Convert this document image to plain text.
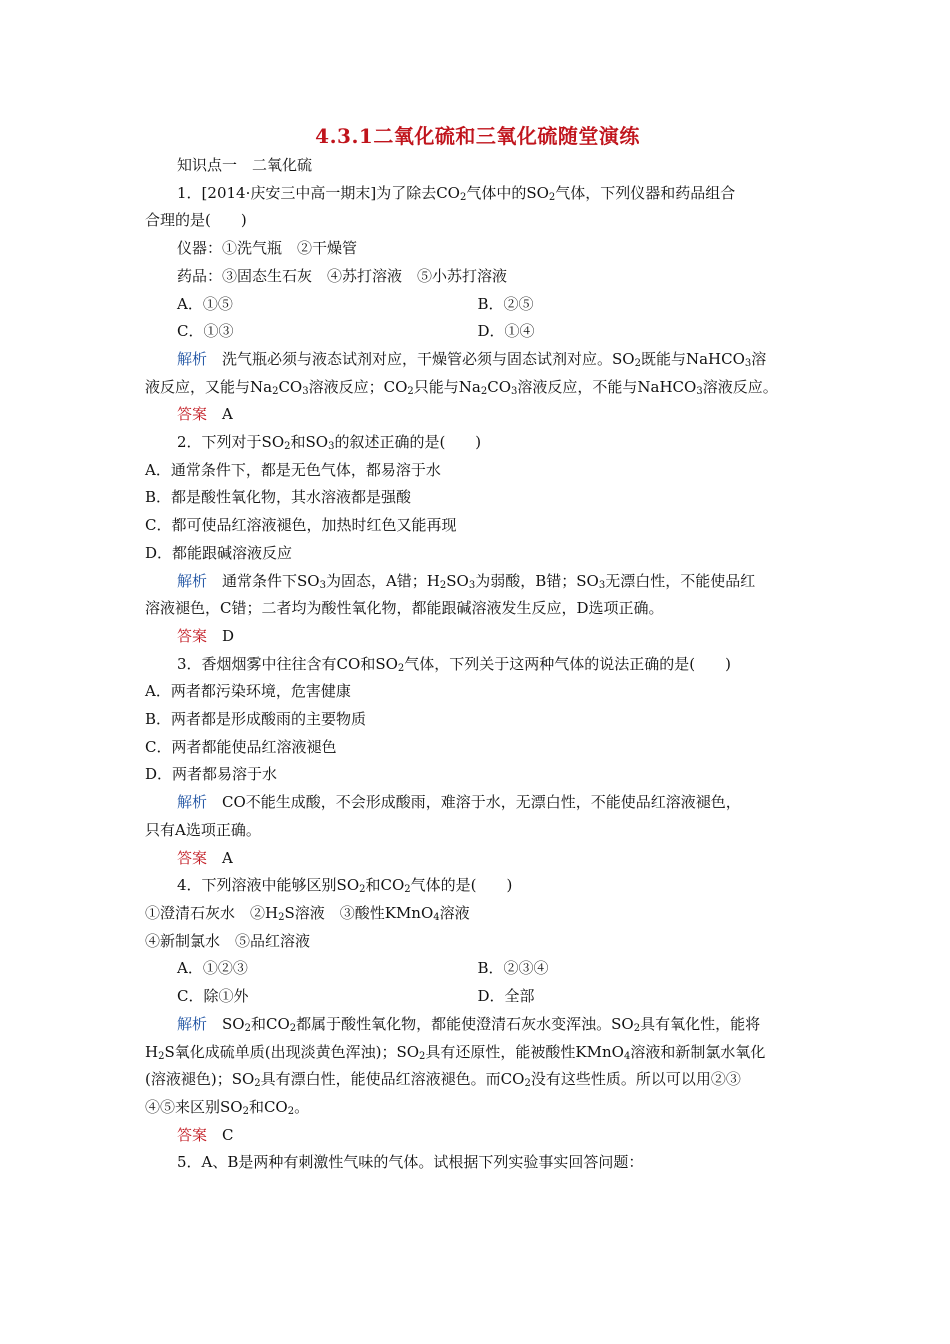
4.3.1二氧化硫和三氧化硫随堂演练

知识点一　二氧化硫

1．[2014·庆安三中高一期末]为了除去$CO_2$气体中的$SO_2$气体，下列仪器和药品组合

合理的是(　　)

仪器：①洗气瓶　②干燥管

药品：③固态生石灰　④苏打溶液　⑤小苏打溶液

A．①⑤	B．②⑤
C．①③	D．①④

解析　洗气瓶必须与液态试剂对应，干燥管必须与固态试剂对应。$SO_2$既能与NaHCO$_3$溶

液反应，又能与$Na_2CO_3$溶液反应；$CO_2$只能与$Na_2CO_3$溶液反应，不能与NaHCO$_3$溶液反应。

答案　A

2．下列对于$SO_2$和$SO_3$的叙述正确的是(　　)

A．通常条件下，都是无色气体，都易溶于水

B．都是酸性氧化物，其水溶液都是强酸

C．都可使品红溶液褪色，加热时红色又能再现

D．都能跟碱溶液反应

解析　通常条件下$SO_3$为固态，A错；$H_2SO_3$为弱酸，B错；$SO_3$无漂白性，不能使品红

溶液褪色，C错；二者均为酸性氧化物，都能跟碱溶液发生反应，D选项正确。

答案　D

3．香烟烟雾中往往含有CO和$SO_2$气体，下列关于这两种气体的说法正确的是(　　)

A．两者都污染环境，危害健康

B．两者都是形成酸雨的主要物质

C．两者都能使品红溶液褪色

D．两者都易溶于水

解析　CO不能生成酸，不会形成酸雨，难溶于水，无漂白性，不能使品红溶液褪色，

只有A选项正确。

答案　A

4．下列溶液中能够区别$SO_2$和$CO_2$气体的是(　　)

①澄清石灰水　$②H_2S$溶液　③酸性KMnO$_4$溶液

④新制氯水　⑤品红溶液

A．①②③	B．②③④
C．除①外	D．全部

解析　$SO_2$和$CO_2$都属于酸性氧化物，都能使澄清石灰水变浑浊。$SO_2$具有氧化性，能将

$H_2S$氧化成硫单质(出现淡黄色浑浊)；$SO_2$具有还原性，能被酸性KMnO$_4$溶液和新制氯水氧化

(溶液褪色)；$SO_2$具有漂白性，能使品红溶液褪色。而$CO_2$没有这些性质。所以可以用②③

④⑤来区别$SO_2$和$CO_2$。

答案　C

5．A、B是两种有刺激性气味的气体。试根据下列实验事实回答问题：
